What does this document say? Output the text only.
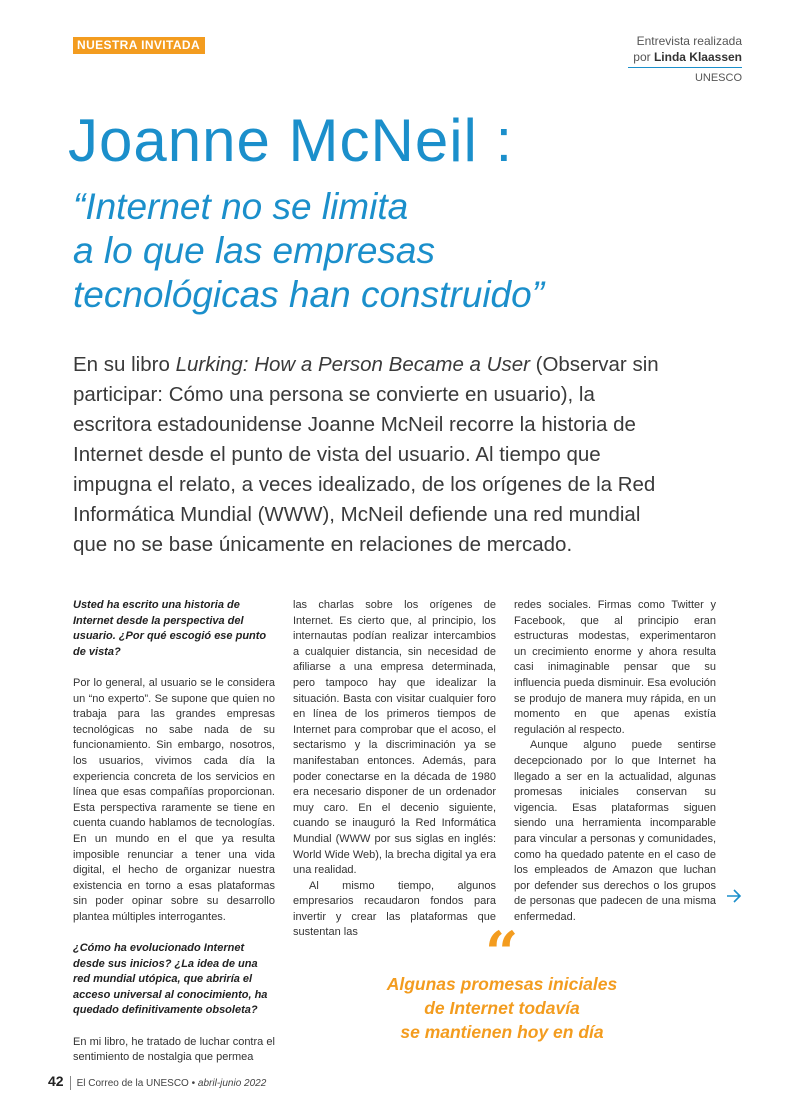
NUESTRA INVITADA	Entrevista realizada
por Linda Klaassen
UNESCO
Joanne McNeil :
“Internet no se limita
a lo que las empresas
tecnológicas han construido”
En su libro Lurking: How a Person Became a User (Observar sin participar: Cómo una persona se convierte en usuario), la escritora estadounidense Joanne McNeil recorre la historia de Internet desde el punto de vista del usuario. Al tiempo que impugna el relato, a veces idealizado, de los orígenes de la Red Informática Mundial (WWW), McNeil defiende una red mundial que no se base únicamente en relaciones de mercado.

Usted ha escrito una historia de Internet desde la perspectiva del usuario. ¿Por qué escogió ese punto de vista?

Por lo general, al usuario se le considera un “no experto”. Se supone que quien no trabaja para las grandes empresas tecnológicas no sabe nada de su funcionamiento. Sin embargo, nosotros, los usuarios, vivimos cada día la experiencia concreta de los servicios en línea que esas compañías proporcionan. Esta perspectiva raramente se tiene en cuenta cuando hablamos de tecnologías. En un mundo en el que ya resulta imposible renunciar a tener una vida digital, el hecho de organizar nuestra existencia en torno a esas plataformas sin poder opinar sobre su desarrollo plantea múltiples interrogantes.

¿Cómo ha evolucionado Internet desde sus inicios? ¿La idea de una red mundial utópica, que abriría el acceso universal al conocimiento, ha quedado definitivamente obsoleta?

En mi libro, he tratado de luchar contra el sentimiento de nostalgia que permea

las charlas sobre los orígenes de Internet. Es cierto que, al principio, los internautas podían realizar intercambios a cualquier distancia, sin necesidad de afiliarse a una empresa determinada, pero tampoco hay que idealizar la situación. Basta con visitar cualquier foro en línea de los primeros tiempos de Internet para comprobar que el acoso, el sectarismo y la discriminación ya se manifestaban entonces. Además, para poder conectarse en la década de 1980 era necesario disponer de un ordenador muy caro. En el decenio siguiente, cuando se inauguró la Red Informática Mundial (WWW por sus siglas en inglés: World Wide Web), la brecha digital ya era una realidad.

Al mismo tiempo, algunos empresarios recaudaron fondos para invertir y crear las plataformas que sustentan las

redes sociales. Firmas como Twitter y Facebook, que al principio eran estructuras modestas, experimentaron un crecimiento enorme y ahora resulta casi inimaginable pensar que su influencia pueda disminuir. Esa evolución se produjo de manera muy rápida, en un momento en que apenas existía regulación al respecto.

Aunque alguno puede sentirse decepcionado por lo que Internet ha llegado a ser en la actualidad, algunas promesas iniciales conservan su vigencia. Esas plataformas siguen siendo una herramienta incomparable para vincular a personas y comunidades, como ha quedado patente en el caso de los empleados de Amazon que luchan por defender sus derechos o los grupos de personas que padecen de una misma enfermedad.

“
Algunas promesas iniciales
de Internet todavía
se mantienen hoy en día
42 El Correo de la UNESCO • abril-junio 2022
